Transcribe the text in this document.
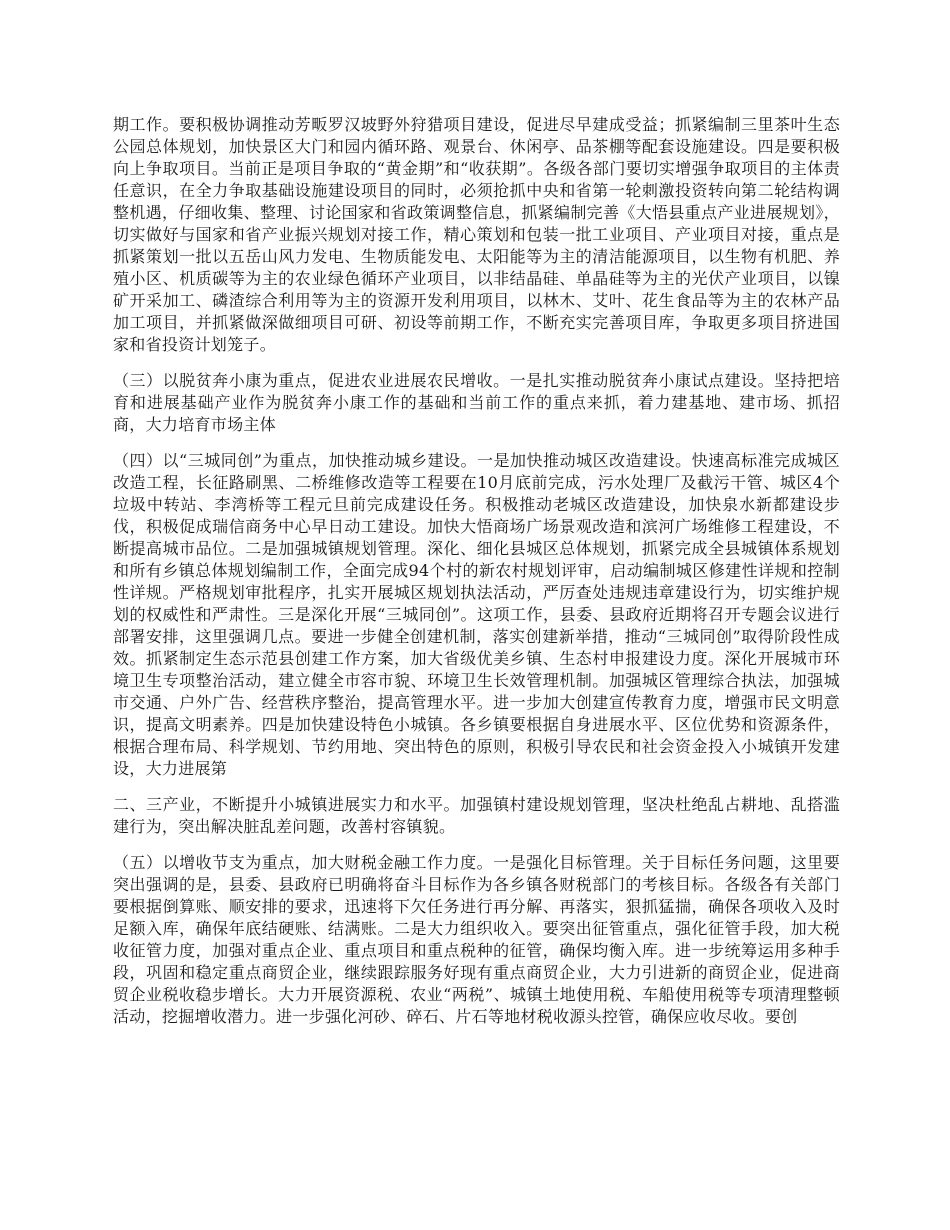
期工作。要积极协调推动芳畈罗汉坡野外狩猎项目建设，促进尽早建成受益；抓紧编制三里茶叶生态公园总体规划，加快景区大门和园内循环路、观景台、休闲亭、品茶棚等配套设施建设。四是要积极向上争取项目。当前正是项目争取的“黄金期”和“收获期”。各级各部门要切实增强争取项目的主体责任意识，在全力争取基础设施建设项目的同时，必须抢抓中央和省第一轮刺激投资转向第二轮结构调整机遇，仔细收集、整理、讨论国家和省政策调整信息，抓紧编制完善《大悟县重点产业进展规划》，切实做好与国家和省产业振兴规划对接工作，精心策划和包装一批工业项目、产业项目对接，重点是抓紧策划一批以五岳山风力发电、生物质能发电、太阳能等为主的清洁能源项目，以生物有机肥、养殖小区、机质碳等为主的农业绿色循环产业项目，以非结晶硅、单晶硅等为主的光伏产业项目，以镍矿开采加工、磷渣综合利用等为主的资源开发利用项目，以林木、艾叶、花生食品等为主的农林产品加工项目，并抓紧做深做细项目可研、初设等前期工作，不断充实完善项目库，争取更多项目挤进国家和省投资计划笼子。

（三）以脱贫奔小康为重点，促进农业进展农民增收。一是扎实推动脱贫奔小康试点建设。坚持把培育和进展基础产业作为脱贫奔小康工作的基础和当前工作的重点来抓，着力建基地、建市场、抓招商，大力培育市场主体

（四）以“三城同创”为重点，加快推动城乡建设。一是加快推动城区改造建设。快速高标准完成城区改造工程，长征路刷黑、二桥维修改造等工程要在10月底前完成，污水处理厂及截污干管、城区4个垃圾中转站、李湾桥等工程元旦前完成建设任务。积极推动老城区改造建设，加快泉水新都建设步伐，积极促成瑞信商务中心早日动工建设。加快大悟商场广场景观改造和滨河广场维修工程建设，不断提高城市品位。二是加强城镇规划管理。深化、细化县城区总体规划，抓紧完成全县城镇体系规划和所有乡镇总体规划编制工作，全面完成94个村的新农村规划评审，启动编制城区修建性详规和控制性详规。严格规划审批程序，扎实开展城区规划执法活动，严厉查处违规违章建设行为，切实维护规划的权威性和严肃性。三是深化开展“三城同创”。这项工作，县委、县政府近期将召开专题会议进行部署安排，这里强调几点。要进一步健全创建机制，落实创建新举措，推动“三城同创”取得阶段性成效。抓紧制定生态示范县创建工作方案，加大省级优美乡镇、生态村申报建设力度。深化开展城市环境卫生专项整治活动，建立健全市容市貌、环境卫生长效管理机制。加强城区管理综合执法，加强城市交通、户外广告、经营秩序整治，提高管理水平。进一步加大创建宣传教育力度，增强市民文明意识，提高文明素养。四是加快建设特色小城镇。各乡镇要根据自身进展水平、区位优势和资源条件，根据合理布局、科学规划、节约用地、突出特色的原则，积极引导农民和社会资金投入小城镇开发建设，大力进展第

二、三产业，不断提升小城镇进展实力和水平。加强镇村建设规划管理，坚决杜绝乱占耕地、乱搭滥建行为，突出解决脏乱差问题，改善村容镇貌。

（五）以增收节支为重点，加大财税金融工作力度。一是强化目标管理。关于目标任务问题，这里要突出强调的是，县委、县政府已明确将奋斗目标作为各乡镇各财税部门的考核目标。各级各有关部门要根据倒算账、顺安排的要求，迅速将下欠任务进行再分解、再落实，狠抓猛揣，确保各项收入及时足额入库，确保年底结硬账、结满账。二是大力组织收入。要突出征管重点，强化征管手段，加大税收征管力度，加强对重点企业、重点项目和重点税种的征管，确保均衡入库。进一步统筹运用多种手段，巩固和稳定重点商贸企业，继续跟踪服务好现有重点商贸企业，大力引进新的商贸企业，促进商贸企业税收稳步增长。大力开展资源税、农业“两税”、城镇土地使用税、车船使用税等专项清理整顿活动，挖掘增收潜力。进一步强化河砂、碎石、片石等地材税收源头控管，确保应收尽收。要创
